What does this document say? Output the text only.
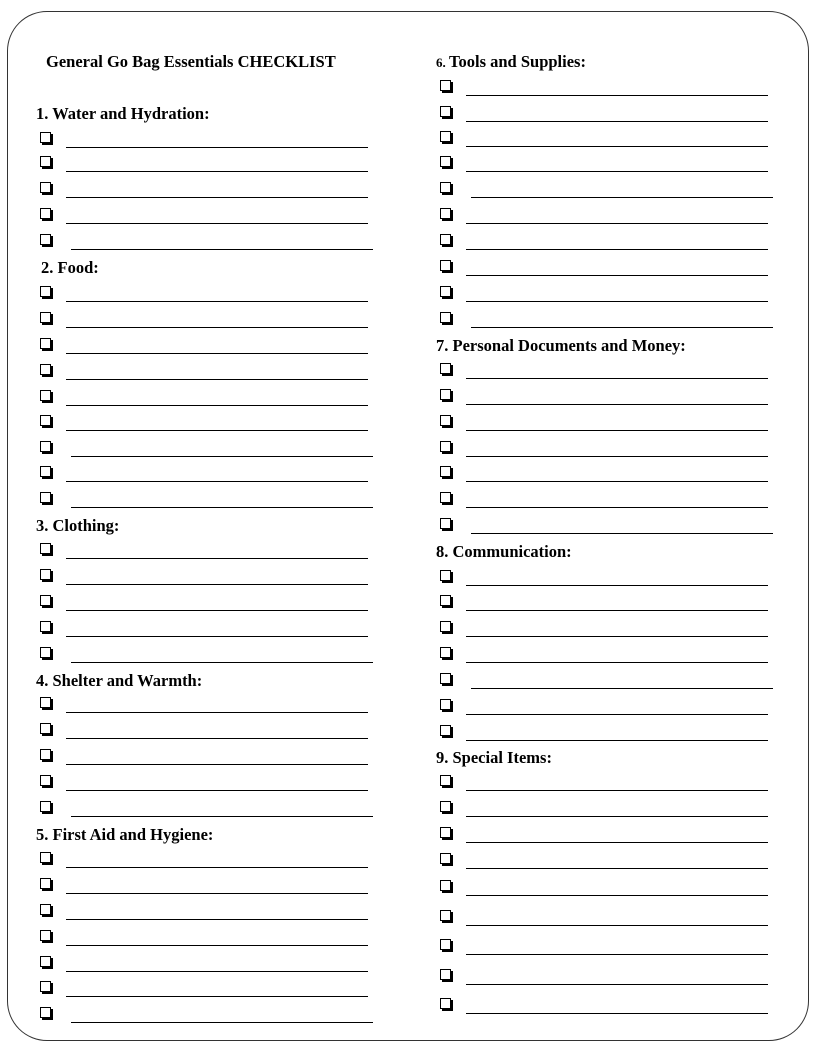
General Go Bag Essentials CHECKLIST
1. Water and Hydration:
2. Food:
3. Clothing:
4. Shelter and Warmth:
5. First Aid and Hygiene:
6. Tools and Supplies:
7. Personal Documents and Money:
8. Communication:
9. Special Items:
